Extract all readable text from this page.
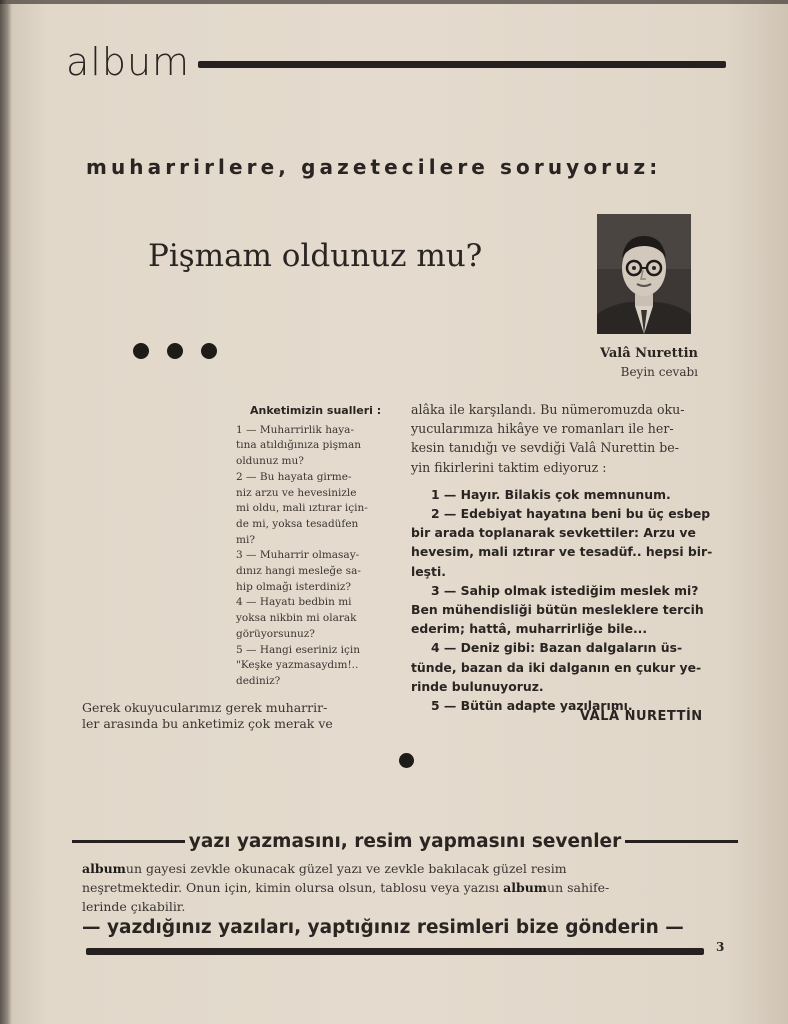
album
muharrirlere, gazetecilere soruyoruz:
Pişmam oldunuz mu?
Valâ Nurettin
Beyin cevabı
Anketimizin sualleri :
1 — Muharrirlik haya-
tına atıldığınıza pişman
oldunuz mu?
2 — Bu hayata girme-
niz arzu ve hevesinizle
mi oldu, mali ıztırar için-
de mi, yoksa tesadüfen
mi?
3 — Muharrir olmasay-
dınız hangi mesleğe sa-
hip olmağı isterdiniz?
4 — Hayatı bedbin mi
yoksa nikbin mi olarak
görüyorsunuz?
5 — Hangi eseriniz için
"Keşke yazmasaydım!..
dediniz?
Gerek okuyucularımız gerek muharrir-
ler arasında bu anketimiz çok merak ve
alâka ile karşılandı. Bu nümeromuzda oku-
yucularımıza hikâye ve romanları ile her-
kesin tanıdığı ve sevdiği Valâ Nurettin be-
yin fikirlerini taktim ediyoruz :
1 — Hayır. Bilakis çok memnunum.
2 — Edebiyat hayatına beni bu üç esbep
bir arada toplanarak sevkettiler: Arzu ve
hevesim, mali ıztırar ve tesadüf.. hepsi bir-
leşti.
3 — Sahip olmak istediğim meslek mi?
Ben mühendisliği bütün mesleklere tercih
ederim; hattâ, muharrirliğe bile...
4 — Deniz gibi: Bazan dalgaların üs-
tünde, bazan da iki dalganın en çukur ye-
rinde bulunuyoruz.
5 — Bütün adapte yazılarımı.
VALÂ NURETTİN
yazı yazmasını, resim yapmasını sevenler
albumun gayesi zevkle okunacak güzel yazı ve zevkle bakılacak güzel resim
neşretmektedir. Onun için, kimin olursa olsun, tablosu veya yazısı albumun sahife-
lerinde çıkabilir.
— yazdığınız yazıları, yaptığınız resimleri bize gönderin —
3
